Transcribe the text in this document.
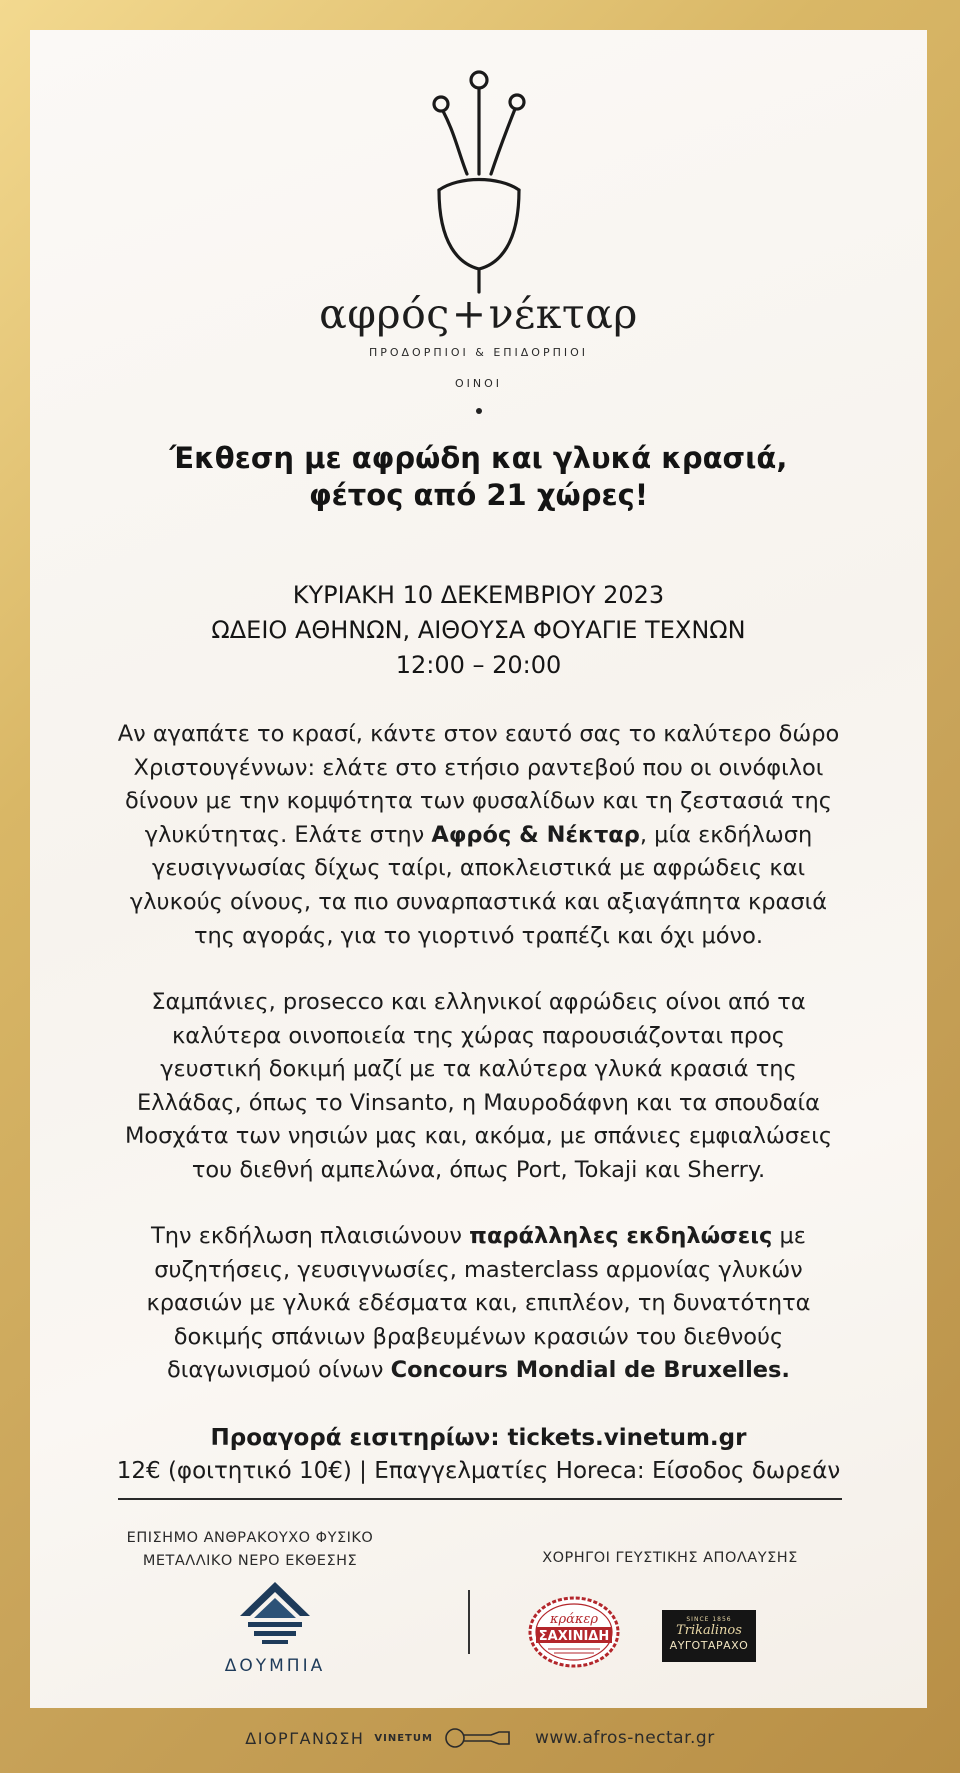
αφρός+νέκταρ
ΠΡΟΔΟΡΠΙΟΙ & ΕΠΙΔΟΡΠΙΟΙ
ΟΙΝΟΙ
Έκθεση με αφρώδη και γλυκά κρασιά,
φέτος από 21 χώρες!
ΚΥΡΙΑΚΗ 10 ΔΕΚΕΜΒΡΙΟΥ 2023
ΩΔΕΙΟ ΑΘΗΝΩΝ, ΑΙΘΟΥΣΑ ΦΟΥΑΓΙΕ ΤΕΧΝΩΝ
12:00 – 20:00
Αν αγαπάτε το κρασί, κάντε στον εαυτό σας το καλύτερο δώρο
Χριστουγέννων: ελάτε στο ετήσιο ραντεβού που οι οινόφιλοι
δίνουν με την κομψότητα των φυσαλίδων και τη ζεστασιά της
γλυκύτητας. Ελάτε στην Αφρός & Νέκταρ, μία εκδήλωση
γευσιγνωσίας δίχως ταίρι, αποκλειστικά με αφρώδεις και
γλυκούς οίνους, τα πιο συναρπαστικά και αξιαγάπητα κρασιά
της αγοράς, για το γιορτινό τραπέζι και όχι μόνο.
Σαμπάνιες, prosecco και ελληνικοί αφρώδεις οίνοι από τα
καλύτερα οινοποιεία της χώρας παρουσιάζονται προς
γευστική δοκιμή μαζί με τα καλύτερα γλυκά κρασιά της
Ελλάδας, όπως το Vinsanto, η Μαυροδάφνη και τα σπουδαία
Μοσχάτα των νησιών μας και, ακόμα, με σπάνιες εμφιαλώσεις
του διεθνή αμπελώνα, όπως Port, Tokaji και Sherry.
Την εκδήλωση πλαισιώνουν παράλληλες εκδηλώσεις με
συζητήσεις, γευσιγνωσίες, masterclass αρμονίας γλυκών
κρασιών με γλυκά εδέσματα και, επιπλέον, τη δυνατότητα
δοκιμής σπάνιων βραβευμένων κρασιών του διεθνούς
διαγωνισμού οίνων Concours Mondial de Bruxelles.
Προαγορά εισιτηρίων: tickets.vinetum.gr
12€ (φοιτητικό 10€) | Επαγγελματίες Horeca: Είσοδος δωρεάν
ΕΠΙΣΗΜΟ ΑΝΘΡΑΚΟΥΧΟ ΦΥΣΙΚΟ
ΜΕΤΑΛΛΙΚΟ ΝΕΡΟ ΕΚΘΕΣΗΣ
ΔΟΥΜΠΙΑ
ΧΟΡΗΓΟΙ ΓΕΥΣΤΙΚΗΣ ΑΠΟΛΑΥΣΗΣ
κράκερ
ΣΑΧΙΝΙΔΗ
SINCE 1856
Trikalinos
ΑΥΓΟΤΑΡΑΧΟ
ΔΙΟΡΓΑΝΩΣΗ VINETUM	www.afros-nectar.gr
